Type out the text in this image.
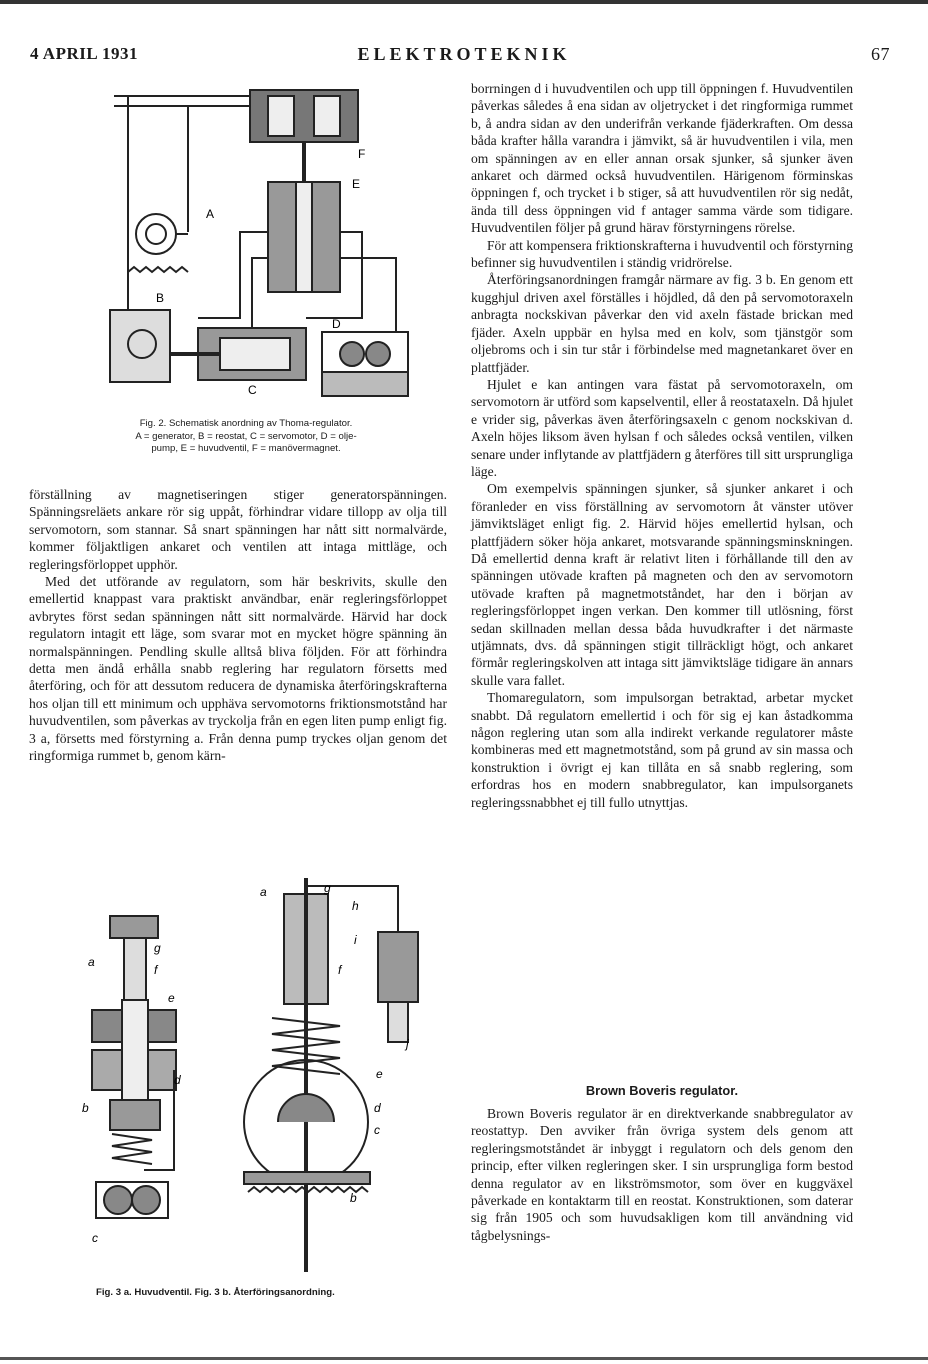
ELEKTROTEKNIK
4 APRIL 1931	67
F
E
A
B
D
C
Fig. 2. Schematisk anordning av Thoma-regulator.
A = generator, B = reostat, C = servomotor, D = olje-
pump, E = huvudventil, F = manövermagnet.

förställning av magnetiseringen stiger generatorspänningen. Spänningsreläets ankare rör sig uppåt, förhindrar vidare tillopp av olja till servomotorn, som stannar. Så snart spänningen har nått sitt normalvärde, kommer följaktligen ankaret och ventilen att intaga mittläge, och regleringsförloppet upphör.

Med det utförande av regulatorn, som här beskrivits, skulle den emellertid knappast vara praktiskt användbar, enär regleringsförloppet avbrytes först sedan spänningen nått sitt normalvärde. Härvid har dock regulatorn intagit ett läge, som svarar mot en mycket högre spänning än normalspänningen. Pendling skulle alltså bliva följden. För att förhindra detta men ändå erhålla snabb reglering har regulatorn försetts med återföring, och för att dessutom reducera de dynamiska återföringskrafterna hos oljan till ett minimum och upphäva servomotorns friktionsmotstånd har huvudventilen, som påverkas av tryckolja från en egen liten pump enligt fig. 3 a, försetts med förstyrning a. Från denna pump tryckes oljan genom det ringformiga rummet b, genom kärn-

a
g
f
e
d
b
c
a	g
h
i
f
j
e
d
c
b
Fig. 3 a. Huvudventil. Fig. 3 b. Återföringsanordning.

borrningen d i huvudventilen och upp till öppningen f. Huvudventilen påverkas således å ena sidan av oljetrycket i det ringformiga rummet b, å andra sidan av den underifrån verkande fjäderkraften. Om dessa båda krafter hålla varandra i jämvikt, så är huvudventilen i vila, men om spänningen av en eller annan orsak sjunker, så sjunker även ankaret och därmed också huvudventilen. Härigenom förminskas öppningen f, och trycket i b stiger, så att huvudventilen rör sig nedåt, ända till dess öppningen vid f antager samma värde som tidigare. Huvudventilen följer på grund härav förstyrningens rörelse.

För att kompensera friktionskrafterna i huvudventil och förstyrning befinner sig huvudventilen i ständig vridrörelse.

Återföringsanordningen framgår närmare av fig. 3 b. En genom ett kugghjul driven axel förställes i höjdled, då den på servomotoraxeln anbragta nockskivan påverkar den vid axeln fästade brickan med fjäder. Axeln uppbär en hylsa med en kolv, som tjänstgör som oljebroms och i sin tur står i förbindelse med magnetankaret över en plattfjäder.

Hjulet e kan antingen vara fästat på servomotoraxeln, om servomotorn är utförd som kapselventil, eller å reostataxeln. Då hjulet e vrider sig, påverkas även återföringsaxeln c genom nockskivan d. Axeln höjes liksom även hylsan f och således också ventilen, vilken senare under inflytande av plattfjädern g återföres till sitt ursprungliga läge.

Om exempelvis spänningen sjunker, så sjunker ankaret i och föranleder en viss förställning av servomotorn åt vänster utöver jämviktsläget enligt fig. 2. Härvid höjes emellertid hylsan, och plattfjädern söker höja ankaret, motsvarande spänningsminskningen. Då emellertid denna kraft är relativt liten i förhållande till den av spänningen utövade kraften på magneten och den av servomotorn utövade kraften på magnetmotståndet, har den i början av regleringsförloppet ingen verkan. Den kommer till utlösning, först sedan skillnaden mellan dessa båda huvudkrafter i det närmaste utjämnats, dvs. då spänningen stigit tillräckligt högt, och ankaret förmår regleringskolven att intaga sitt jämviktsläge tidigare än annars skulle vara fallet.

Thomaregulatorn, som impulsorgan betraktad, arbetar mycket snabbt. Då regulatorn emellertid i och för sig ej kan åstadkomma någon reglering utan som alla indirekt verkande regulatorer måste kombineras med ett magnetmotstånd, som på grund av sin massa och konstruktion i övrigt ej kan tillåta en så snabb reglering, som erfordras hos en modern snabbregulator, kan impulsorganets regleringssnabbhet ej till fullo utnyttjas.

Brown Boveris regulator.

Brown Boveris regulator är en direktverkande snabbregulator av reostattyp. Den avviker från övriga system dels genom att regleringsmotståndet är inbyggt i regulatorn och dels genom den princip, efter vilken regleringen sker. I sin ursprungliga form bestod denna regulator av en likströmsmotor, som över en kuggväxel påverkade en kontaktarm till en reostat. Konstruktionen, som daterar sig från 1905 och som huvudsakligen kom till användning vid tågbelysnings-
